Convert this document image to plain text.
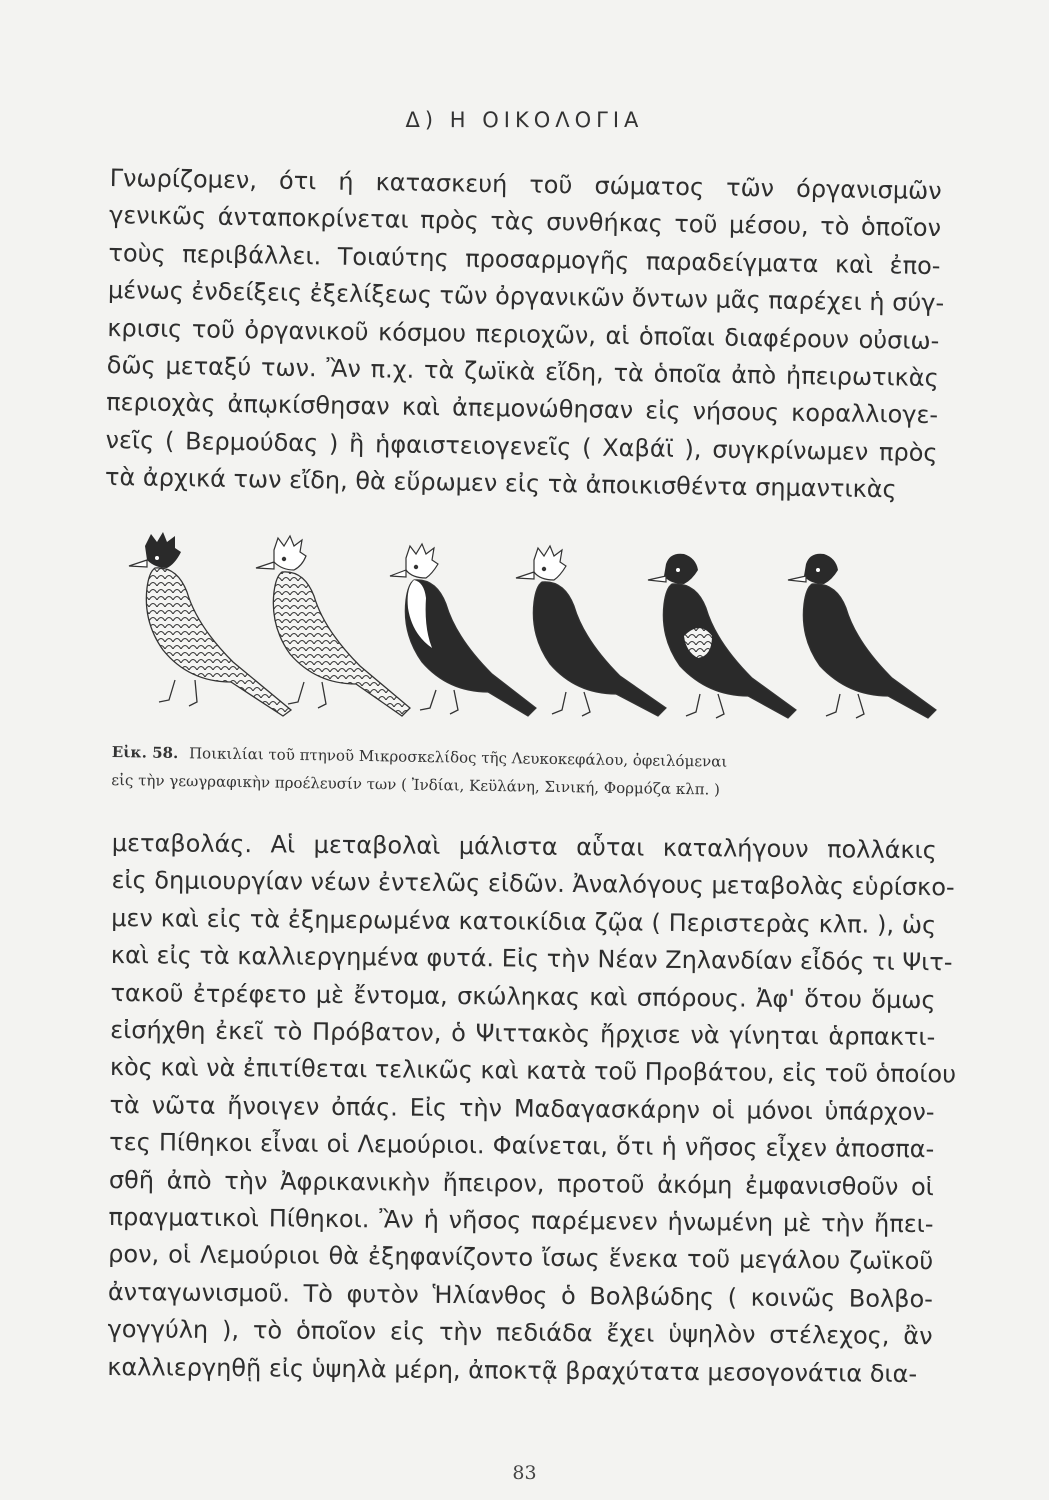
Δ) Η ΟΙΚΟΛΟΓΙΑ
Γνωρίζομεν, ότι ή κατασκευή τοῦ σώματος τῶν όργανισμῶν
γενικῶς άνταποκρίνεται πρὸς τὰς συνθήκας τοῦ μέσου, τὸ ὁποῖον
τοὺς περιβάλλει. Τοιαύτης προσαρμογῆς παραδείγματα καὶ ἐπο-
μένως ἐνδείξεις ἐξελίξεως τῶν ὀργανικῶν ὄντων μᾶς παρέχει ἡ σύγ-
κρισις τοῦ ὀργανικοῦ κόσμου περιοχῶν, αἱ ὁποῖαι διαφέρουν οὐσιω-
δῶς μεταξύ των. Ἂν π.χ. τὰ ζωϊκὰ εἴδη, τὰ ὁποῖα ἀπὸ ἠπειρωτικὰς
περιοχὰς ἀπῳκίσθησαν καὶ ἀπεμονώθησαν εἰς νήσους κοραλλιογε-
νεῖς ( Βερμούδας ) ἢ ἡφαιστειογενεῖς ( Χαβάϊ ), συγκρίνωμεν πρὸς
τὰ ἀρχικά των εἴδη, θὰ εὕρωμεν εἰς τὰ ἀποικισθέντα σημαντικὰς
Εἰκ. 58. Ποικιλίαι τοῦ πτηνοῦ Μικροσκελίδος τῆς Λευκοκεφάλου, ὀφειλόμεναι
εἰς τὴν γεωγραφικὴν προέλευσίν των ( Ἰνδίαι, Κεϋλάνη, Σινική, Φορμόζα κλπ. )
μεταβολάς. Αἱ μεταβολαὶ μάλιστα αὗται καταλήγουν πολλάκις
εἰς δημιουργίαν νέων ἐντελῶς εἰδῶν. Ἀναλόγους μεταβολὰς εὑρίσκο-
μεν καὶ εἰς τὰ ἐξημερωμένα κατοικίδια ζῷα ( Περιστερὰς κλπ. ), ὡς
καὶ εἰς τὰ καλλιεργημένα φυτά. Εἰς τὴν Νέαν Ζηλανδίαν εἶδός τι Ψιτ-
τακοῦ ἐτρέφετο μὲ ἔντομα, σκώληκας καὶ σπόρους. Ἀφ' ὅτου ὅμως
εἰσήχθη ἐκεῖ τὸ Πρόβατον, ὁ Ψιττακὸς ἤρχισε νὰ γίνηται ἁρπακτι-
κὸς καὶ νὰ ἐπιτίθεται τελικῶς καὶ κατὰ τοῦ Προβάτου, εἰς τοῦ ὁποίου
τὰ νῶτα ἤνοιγεν ὀπάς. Εἰς τὴν Μαδαγασκάρην οἱ μόνοι ὑπάρχον-
τες Πίθηκοι εἶναι οἱ Λεμούριοι. Φαίνεται, ὅτι ἡ νῆσος εἶχεν ἀποσπα-
σθῆ ἀπὸ τὴν Ἀφρικανικὴν ἤπειρον, προτοῦ ἀκόμη ἐμφανισθοῦν οἱ
πραγματικοὶ Πίθηκοι. Ἂν ἡ νῆσος παρέμενεν ἡνωμένη μὲ τὴν ἤπει-
ρον, οἱ Λεμούριοι θὰ ἐξηφανίζοντο ἴσως ἕνεκα τοῦ μεγάλου ζωϊκοῦ
ἀνταγωνισμοῦ. Τὸ φυτὸν Ἡλίανθος ὁ Βολβώδης ( κοινῶς Βολβο-
γογγύλη ), τὸ ὁποῖον εἰς τὴν πεδιάδα ἔχει ὑψηλὸν στέλεχος, ἂν
καλλιεργηθῇ εἰς ὑψηλὰ μέρη, ἀποκτᾷ βραχύτατα μεσογονάτια δια-
83
